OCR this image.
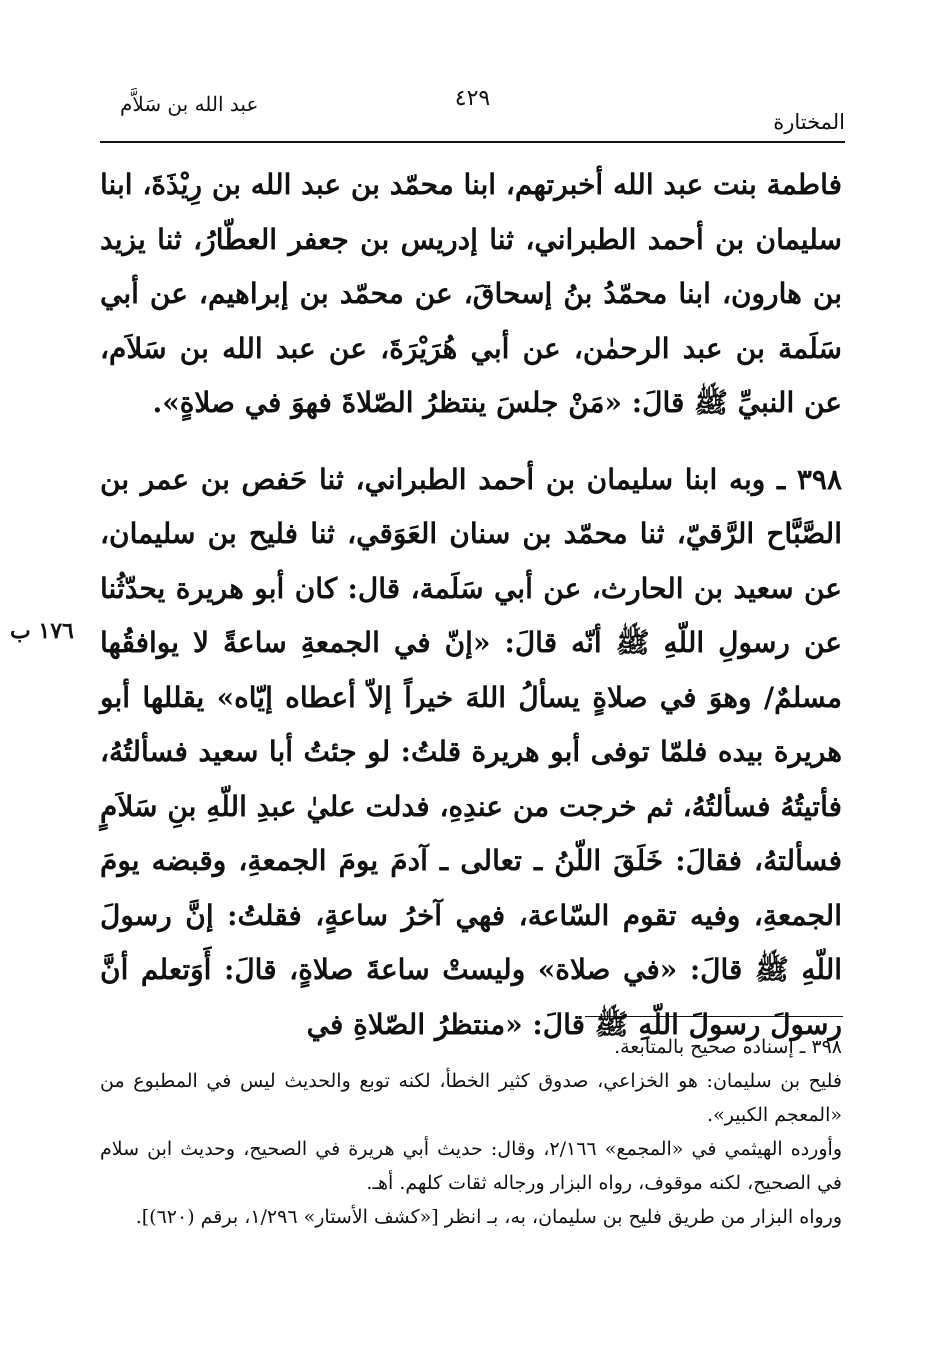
عبد الله بن سَلاَّم	٤٢٩
المختارة

فاطمة بنت عبد الله أخبرتهم، ابنا محمّد بن عبد الله بن رِيْذَةَ، ابنا سليمان بن أحمد الطبراني، ثنا إدريس بن جعفر العطّارُ، ثنا يزيد بن هارون، ابنا محمّدُ بنُ إسحاقَ، عن محمّد بن إبراهيم، عن أبي سَلَمة بن عبد الرحمٰن، عن أبي هُرَيْرَةَ، عن عبد الله بن سَلاَم، عن النبيِّ ﷺ قالَ: «مَنْ جلسَ ينتظرُ الصّلاةَ فهوَ في صلاةٍ».

٣٩٨ ـ وبه ابنا سليمان بن أحمد الطبراني، ثنا حَفص بن عمر بن الصَّبَّاح الرَّقيّ، ثنا محمّد بن سنان العَوَقي، ثنا فليح بن سليمان، عن سعيد بن الحارث، عن أبي سَلَمة، قال: كان أبو هريرة يحدّثُنا عن رسولِ اللّهِ ﷺ أنّه قالَ: «إنّ في الجمعةِ ساعةً لا يوافقُها مسلمٌ/ وهوَ في صلاةٍ يسألُ اللهَ خيراً إلاّ أعطاه إيّاه» يقللها أبو هريرة بيده فلمّا توفى أبو هريرة قلتُ: لو جئتُ أبا سعيد فسألتُهُ، فأتيتُهُ فسألتُهُ، ثم خرجت من عندِهِ، فدلت عليٰ عبدِ اللّهِ بنِ سَلاَمٍ فسألتهُ، فقالَ: خَلَقَ اللّنُ ـ تعالى ـ آدمَ يومَ الجمعةِ، وقبضه يومَ الجمعةِ، وفيه تقوم السّاعة، فهي آخرُ ساعةٍ، فقلتُ: إنَّ رسولَ اللّهِ ﷺ قالَ: «في صلاة» وليستْ ساعةَ صلاةٍ، قالَ: أَوَتعلم أنَّ رسولَ رسولَ اللّهِ ﷺ قالَ: «منتظرُ الصّلاةِ في

١٧٦ ب

٣٩٨ ـ إسناده صحيح بالمتابعة.

فليح بن سليمان: هو الخزاعي، صدوق كثير الخطأ، لكنه توبع والحديث ليس في المطبوع من «المعجم الكبير».

وأورده الهيثمي في «المجمع» ٢/١٦٦، وقال: حديث أبي هريرة في الصحيح، وحديث ابن سلام في الصحيح، لكنه موقوف، رواه البزار ورجاله ثقات كلهم. أهـ.

ورواه البزار من طريق فليح بن سليمان، به، بـ انظر [«كشف الأستار» ١/٢٩٦، برقم (٦٢٠)].
